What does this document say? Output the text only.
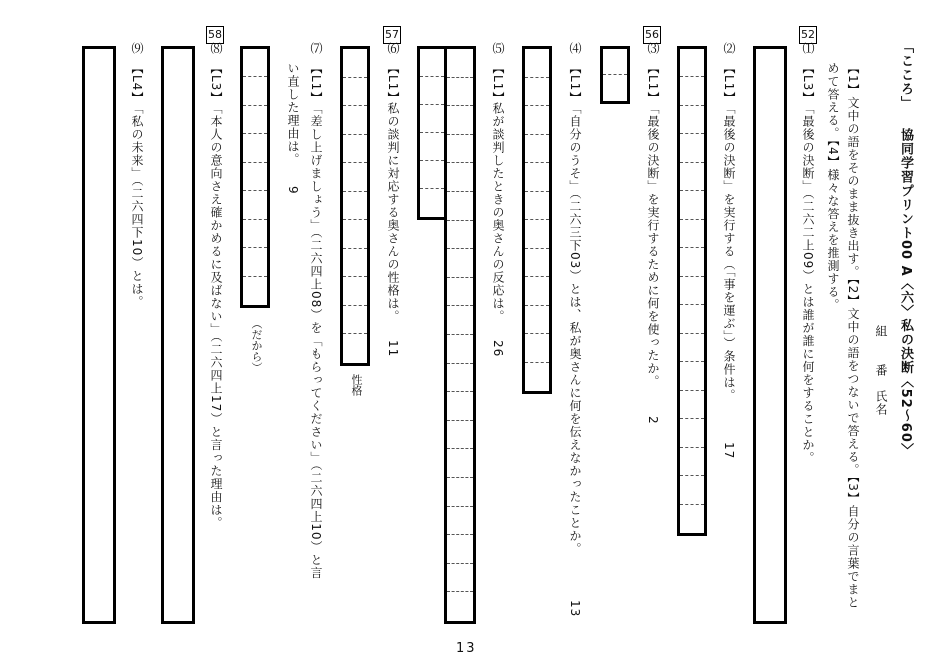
「こころ」
協同学習プリント00 A〈六〉私の決断〈52〜60〉
組　　番　氏名
【1】文中の語をそのまま抜き出す。【2】文中の語をつないで答える。【3】自分の言葉でまと
めて答える。【4】様々な答えを推測する。
52
⑴
【L3】
「最後の決断」（二六二上09）とは誰が誰に何をすることか。
⑵
【L1】
「最後の決断」を実行する（「事を運ぶ」）条件は。
17
56
⑶
【L1】
「最後の決断」を実行するために何を使ったか。
2
⑷
【L1】
「自分のうそ」（二六三下03）とは、私が奥さんに何を伝えなかったことか。
13
⑸
【L1】
私が談判したときの奥さんの反応は。
26
57
⑹
【L1】
私の談判に対応する奥さんの性格は。
11
性格
⑺
【L1】
「差し上げましょう」（二六四上08）を「もらってください」（二六四上10）と言
い直した理由は。
9
（だから）
58
⑻
【L3】
「本人の意向さえ確かめるに及ばない」（二六四上17）と言った理由は。
⑼
【L4】
「私の未来」（二六四下10）とは。
13
